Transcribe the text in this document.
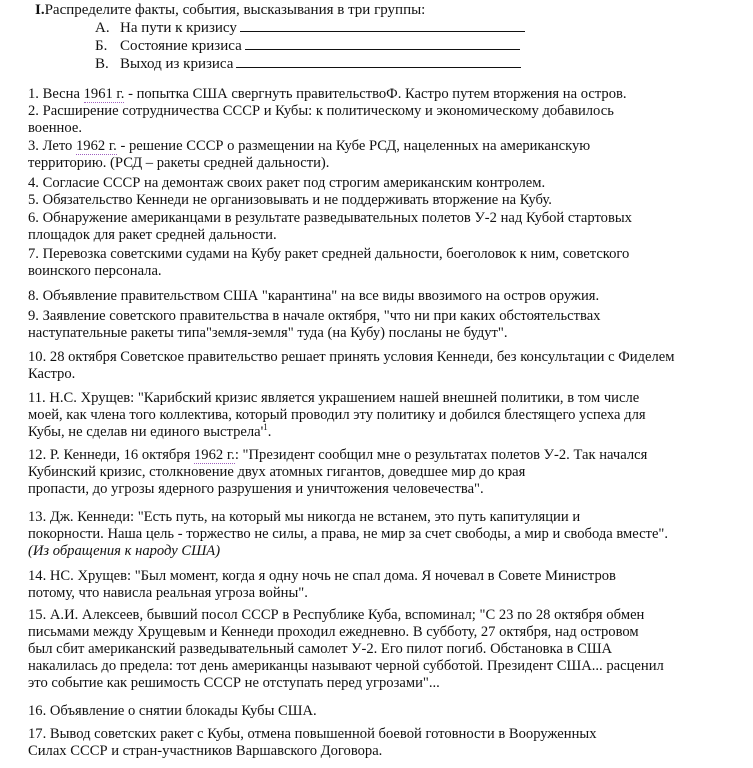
I.Распределите факты, события, высказывания в три группы:
А. На пути к кризису
Б. Состояние кризиса
В. Выход из кризиса
1. Весна 1961 г. - попытка США свергнуть правительствоФ. Кастро путем вторжения на остров.
2. Расширение сотрудничества СССР и Кубы: к политическому и экономическому добавилось
военное.
3. Лето 1962 г. - решение СССР о размещении на Кубе РСД, нацеленных на американскую
территорию. (РСД – ракеты средней дальности).
4. Согласие СССР на демонтаж своих ракет под строгим американским контролем.
5. Обязательство Кеннеди не организовывать и не поддерживать вторжение на Кубу.
6. Обнаружение американцами в результате разведывательных полетов У-2 над Кубой стартовых
площадок для ракет средней дальности.
7. Перевозка советскими судами на Кубу ракет средней дальности, боеголовок к ним, советского
воинского персонала.
8. Объявление правительством США "карантина" на все виды ввозимого на остров оружия.
9. Заявление советского правительства в начале октября, "что ни при каких обстоятельствах
наступательные ракеты типа"земля-земля" туда (на Кубу) посланы не будут".
10. 28 октября Советское правительство решает принять условия Кеннеди, без консультации с Фиделем
Кастро.
11. Н.С. Хрущев: "Карибский кризис является украшением нашей внешней политики, в том числе
моей, как члена того коллектива, который проводил эту политику и добился блестящего успеха для
Кубы, не сделав ни единого $выстрела'^1$.
12. Р. Кеннеди, 16 октября 1962 г.: "Президент сообщил мне о результатах полетов У-2. Так начался
Кубинский кризис, столкновение двух атомных гигантов, доведшее мир до края
пропасти, до угрозы ядерного разрушения и уничтожения человечества".
13. Дж. Кеннеди: "Есть путь, на который мы никогда не встанем, это путь капитуляции и
покорности. Наша цель - торжество не силы, а права, не мир за счет свободы, а мир и свобода вместе".
(Из обращения к народу США)
14. НС. Хрущев: "Был момент, когда я одну ночь не спал дома. Я ночевал в Совете Министров
потому, что нависла реальная угроза войны".
15. А.И. Алексеев, бывший посол СССР в Республике Куба, вспоминал; "С 23 по 28 октября обмен
письмами между Хрущевым и Кеннеди проходил ежедневно. В субботу, 27 октября, над островом
был сбит американский разведывательный самолет У-2. Его пилот погиб. Обстановка в США
накалилась до предела: тот день американцы называют черной субботой. Президент США... расценил
это событие как решимость СССР не отступать перед угрозами"...
16. Объявление о снятии блокады Кубы США.
17. Вывод советских ракет с Кубы, отмена повышенной боевой готовности в Вооруженных
Силах СССР и стран-участников Варшавского Договора.
